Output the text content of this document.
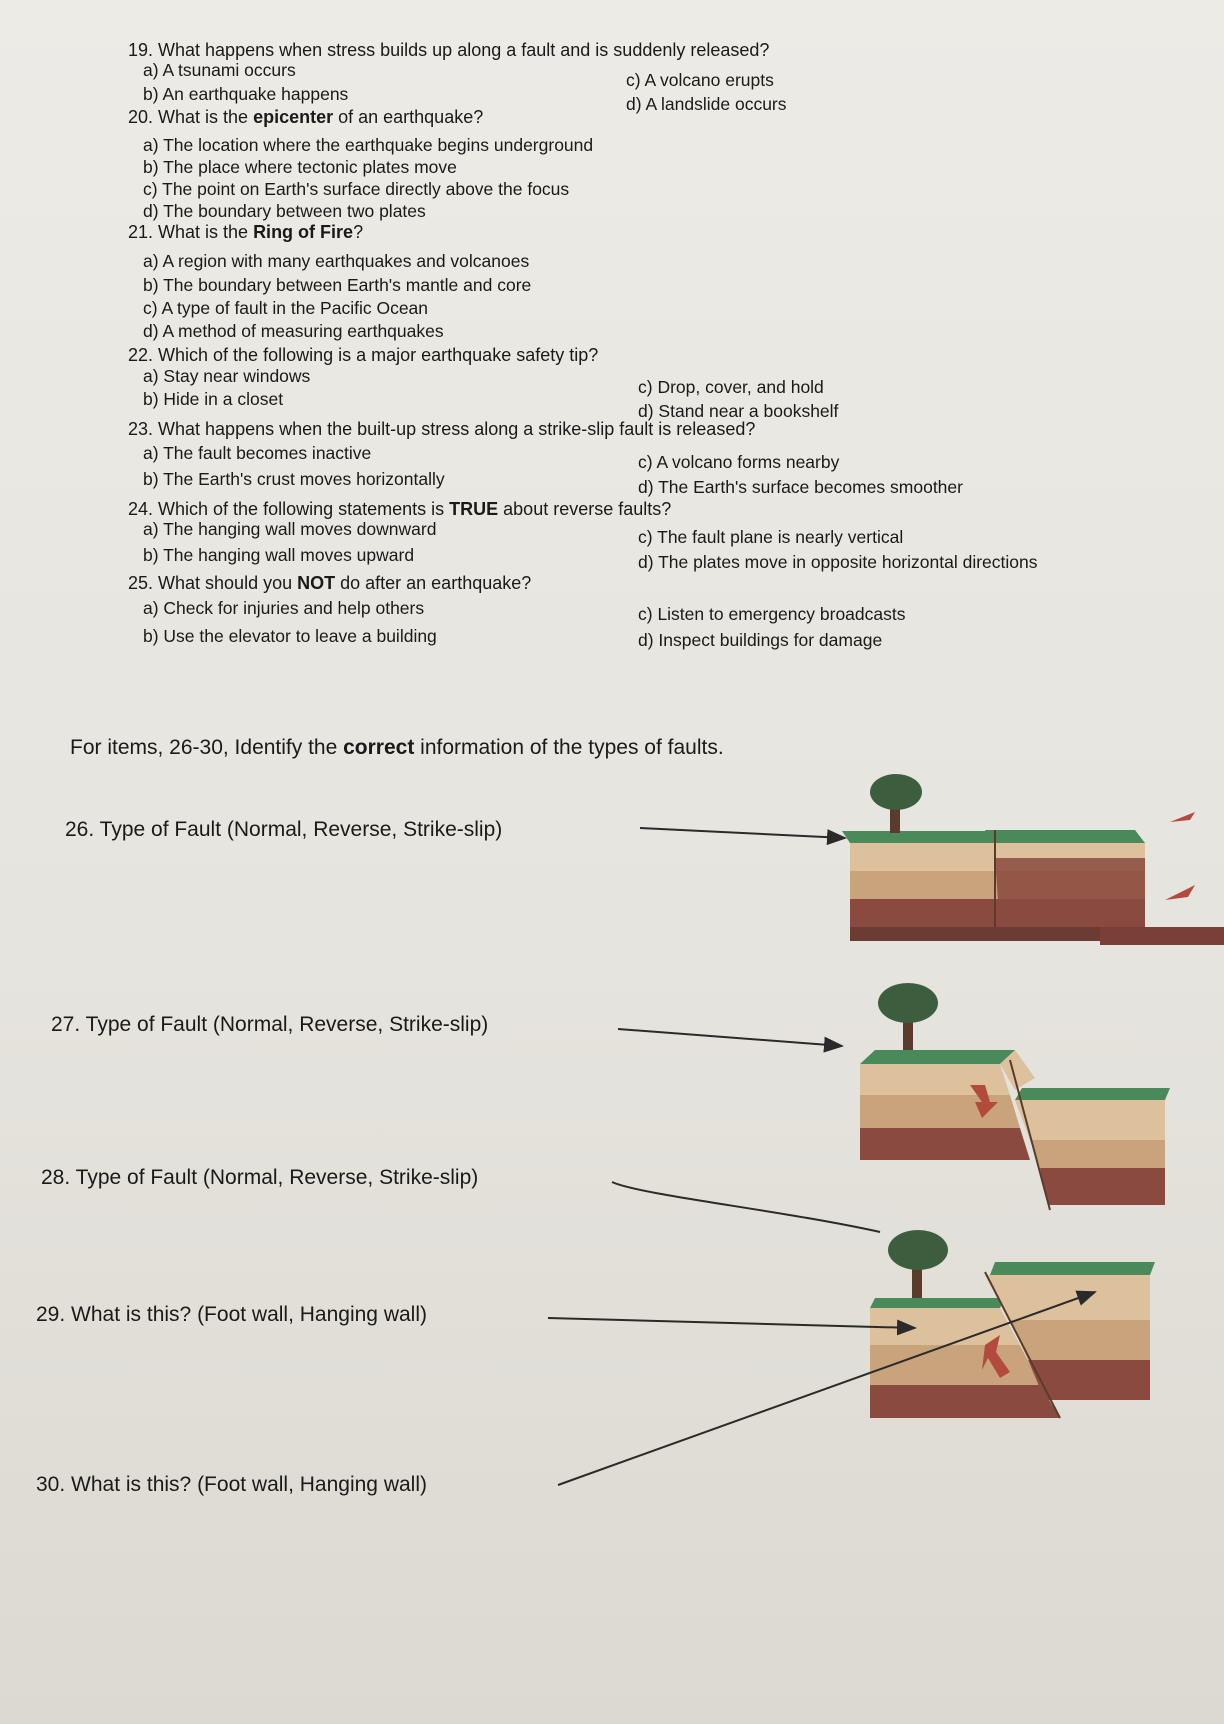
19. What happens when stress builds up along a fault and is suddenly released?
a) A tsunami occurs	c) A volcano erupts
b) An earthquake happens	d) A landslide occurs
20. What is the epicenter of an earthquake?
a) The location where the earthquake begins underground
b) The place where tectonic plates move
c) The point on Earth's surface directly above the focus
d) The boundary between two plates
21. What is the Ring of Fire?
a) A region with many earthquakes and volcanoes
b) The boundary between Earth's mantle and core
c) A type of fault in the Pacific Ocean
d) A method of measuring earthquakes
22. Which of the following is a major earthquake safety tip?
a) Stay near windows
c) Drop, cover, and hold
b) Hide in a closet
d) Stand near a bookshelf
23. What happens when the built-up stress along a strike-slip fault is released?
a) The fault becomes inactive	c) A volcano forms nearby
b) The Earth's crust moves horizontally	d) The Earth's surface becomes smoother
24. Which of the following statements is TRUE about reverse faults?
a) The hanging wall moves downward	c) The fault plane is nearly vertical
b) The hanging wall moves upward	d) The plates move in opposite horizontal directions
25. What should you NOT do after an earthquake?
a) Check for injuries and help others	c) Listen to emergency broadcasts
b) Use the elevator to leave a building	d) Inspect buildings for damage
For items, 26-30, Identify the correct information of the types of faults.
26. Type of Fault (Normal, Reverse, Strike-slip)
27. Type of Fault (Normal, Reverse, Strike-slip)
28. Type of Fault (Normal, Reverse, Strike-slip)
29. What is this? (Foot wall, Hanging wall)
30. What is this? (Foot wall, Hanging wall)
